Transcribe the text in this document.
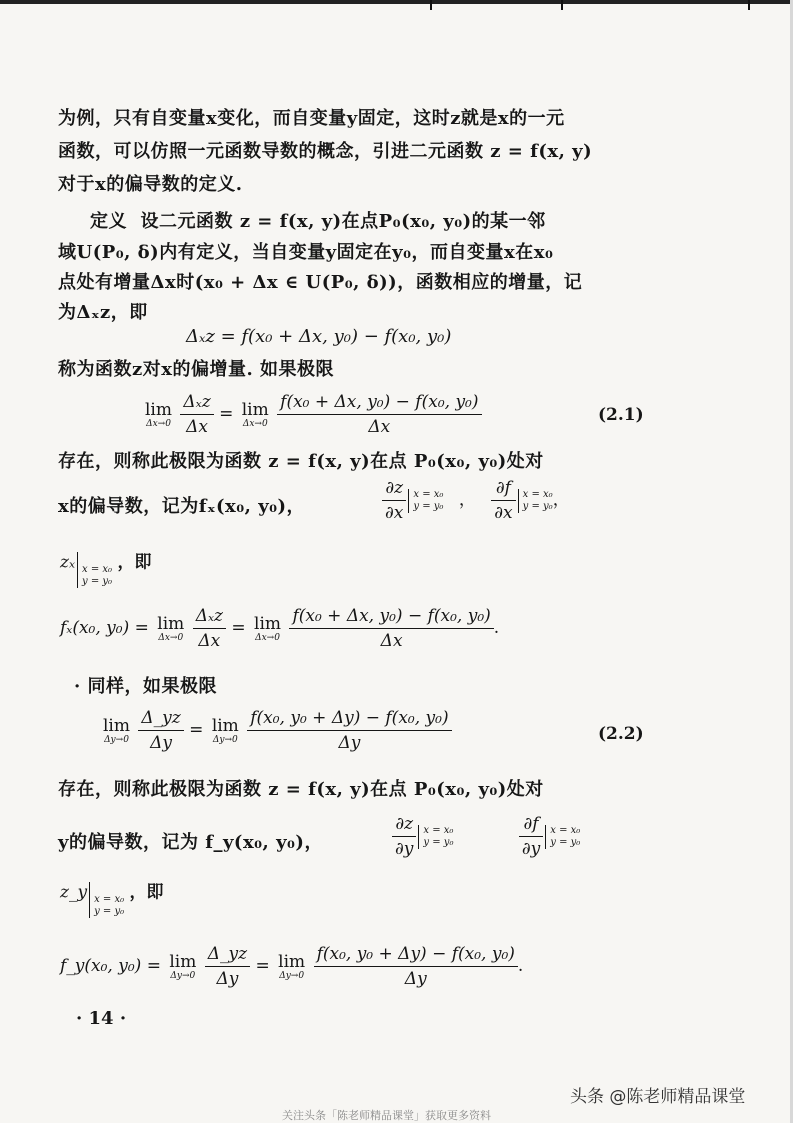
为例，只有自变量x变化，而自变量y固定，这时z就是x的一元
函数，可以仿照一元函数导数的概念，引进二元函数 z = f(x, y)
对于x的偏导数的定义.
定义 设二元函数 z = f(x, y)在点P₀(x₀, y₀)的某一邻
域U(P₀, δ)内有定义，当自变量y固定在y₀，而自变量x在x₀
点处有增量Δx时(x₀ + Δx ∈ U(P₀, δ))，函数相应的增量，记
为Δₓz，即
Δₓz = f(x₀ + Δx, y₀) − f(x₀, y₀)
称为函数z对x的偏增量. 如果极限
lim
Δx→0
$\frac{\text{Δₓz}}{\Delta x} = \lim$
Δx→0
$\frac{\text{f(x₀ + Δx, y₀) − f(x₀, y₀)}}{\Delta x}$	(2.1)
存在，则称此极限为函数 z = f(x, y)在点 P₀(x₀, y₀)处对
x的偏导数，记为fₓ(x₀, y₀)，	$\frac{\partial z}{\partial x}$ x = x₀
y = y₀ ， $\frac{\partial f}{\partial x}$ x = x₀
y = y₀，
zₓ x = x₀
y = y₀ ，即
fₓ(x₀, y₀) = lim
Δx→0
$\frac{\text{Δₓz}}{\Delta x} = \lim$
Δx→0
$\frac{\text{f(x₀ + Δx, y₀) − f(x₀, y₀)}}{\Delta x}$ .
· 同样，如果极限
lim
Δy→0
$\frac{\Delta\_yz}{\Delta y} = \lim$
Δy→0
$\frac{\text{f(x₀, y₀ + Δy) − f(x₀, y₀)}}{\Delta y}$	(2.2)
存在，则称此极限为函数 z = f(x, y)在点 P₀(x₀, y₀)处对
y的偏导数，记为 f_y(x₀, y₀)，	$\frac{\partial z}{\partial y}$ x = x₀
y = y₀	$\frac{\partial f}{\partial y}$ x = x₀
y = y₀
z_y x = x₀
y = y₀ ，即
f_y(x₀, y₀) = lim
Δy→0
$\frac{\Delta\_yz}{\Delta y} = \lim$
Δy→0
$\frac{\text{f(x₀, y₀ + Δy) − f(x₀, y₀)}}{\Delta y}$ .
· 14 ·
头条 @陈老师精品课堂
关注头条「陈老师精品课堂」获取更多资料
